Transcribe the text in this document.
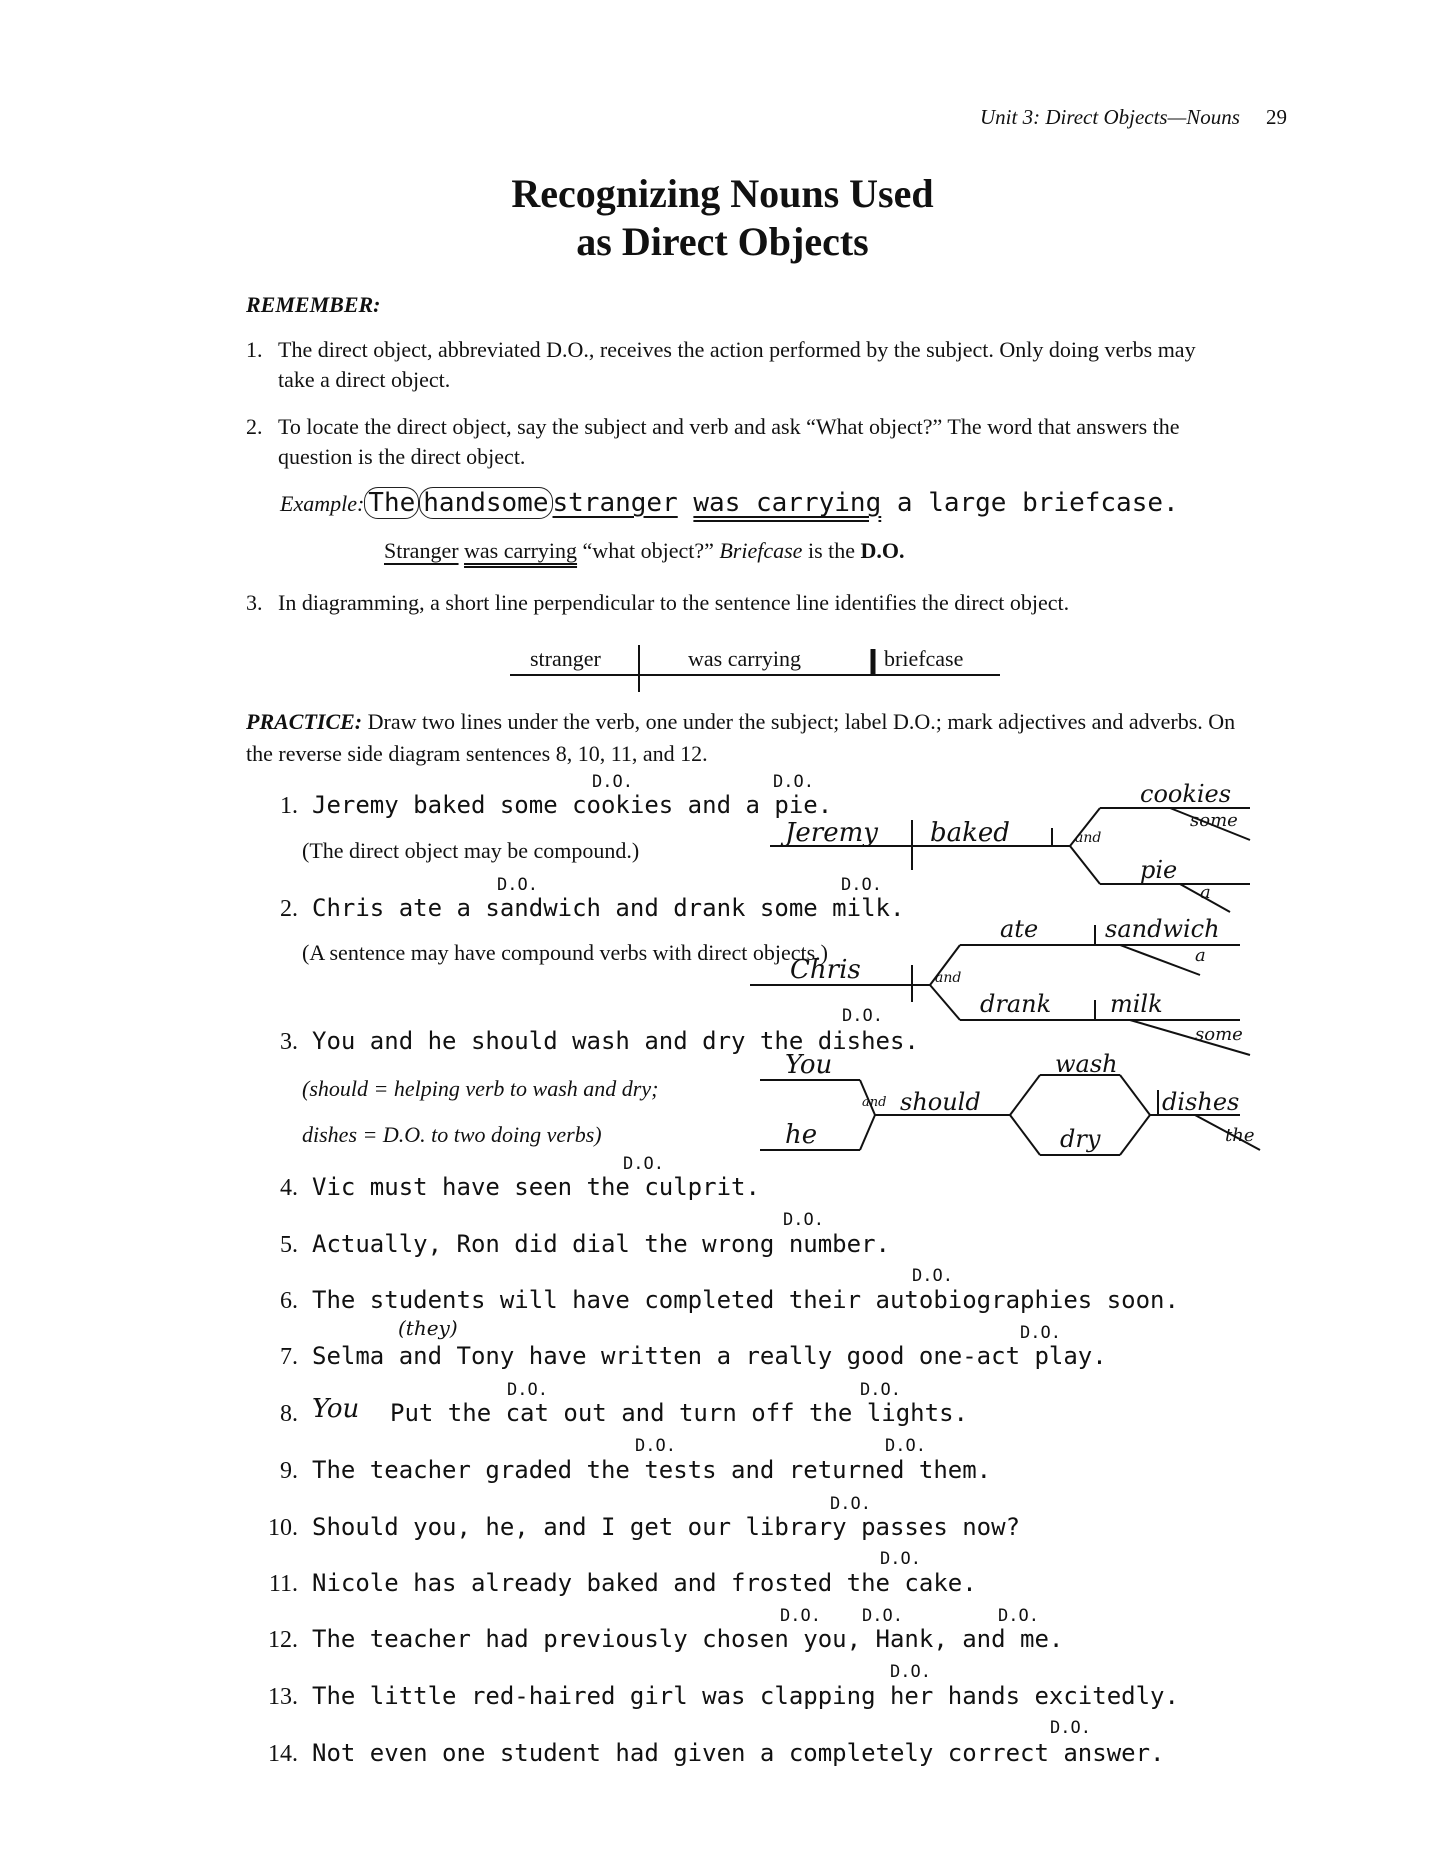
Unit 3: Direct Objects—Nouns 29
Recognizing Nouns Used
as Direct Objects
REMEMBER:
1. The direct object, abbreviated D.O., receives the action performed by the subject. Only doing verbs may take a direct object.
2. To locate the direct object, say the subject and verb and ask “What object?” The word that answers the question is the direct object.
Example: The handsome stranger was carrying a large briefcase.
Stranger was carrying “what object?” Briefcase is the D.O.
3. In diagramming, a short line perpendicular to the sentence line identifies the direct object.
stranger	was carrying	briefcase
PRACTICE: Draw two lines under the verb, one under the subject; label D.O.; mark adjectives and adverbs. On the reverse side diagram sentences 8, 10, 11, and 12.
1. Jeremy baked some cookies and a pie.
(The direct object may be compound.)
D.O.	D.O.
2. Chris ate a sandwich and drank some milk.
(A sentence may have compound verbs with direct objects.)
D.O.	D.O.
3. You and he should wash and dry the dishes.
(should = helping verb to wash and dry;
dishes = D.O. to two doing verbs)
D.O.
4. Vic must have seen the culprit.
D.O.
5. Actually, Ron did dial the wrong number.
D.O.
6. The students will have completed their autobiographies soon.
D.O.
7. Selma and Tony have written a really good one-act play.
(they)	D.O.
8. You Put the cat out and turn off the lights.
D.O.	D.O.
9. The teacher graded the tests and returned them.
D.O.	D.O.
10. Should you, he, and I get our library passes now?
D.O.
11. Nicole has already baked and frosted the cake.
D.O.
12. The teacher had previously chosen you, Hank, and me.
D.O. D.O.	D.O.
13. The little red-haired girl was clapping her hands excitedly.
D.O.
14. Not even one student had given a completely correct answer.
D.O.
Jeremy baked	and
cookies
some
pie
a
Chris	and
ate	sandwich
a
drank milk
some
You
he
and should
wash
dry
dishes
the
